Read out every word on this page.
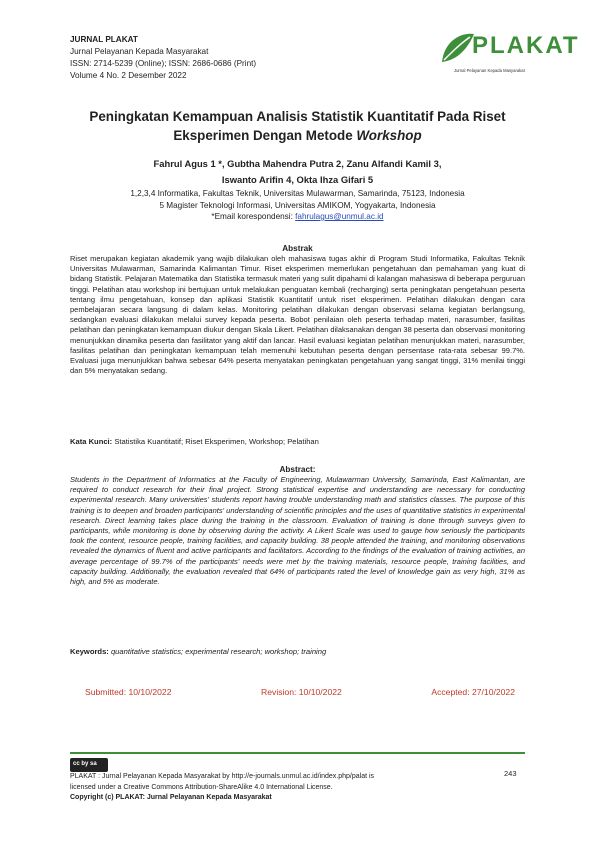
JURNAL PLAKAT
Jurnal Pelayanan Kepada Masyarakat
ISSN: 2714-5239 (Online); ISSN: 2686-0686 (Print)
Volume 4 No. 2 Desember 2022
PLAKAT
Jurnal Pelayanan Kepada Masyarakat
Peningkatan Kemampuan Analisis Statistik Kuantitatif Pada Riset
Eksperimen Dengan Metode Workshop
Fahrul Agus 1 *, Gubtha Mahendra Putra 2, Zanu Alfandi Kamil 3,
Iswanto Arifin 4, Okta Ihza Gifari 5
1,2,3,4 Informatika, Fakultas Teknik, Universitas Mulawarman, Samarinda, 75123, Indonesia
5 Magister Teknologi Informasi, Universitas AMIKOM, Yogyakarta, Indonesia
*Email korespondensi: fahrulagus@unmul.ac.id
Abstrak
Riset merupakan kegiatan akademik yang wajib dilakukan oleh mahasiswa tugas akhir di Program Studi Informatika, Fakultas Teknik Universitas Mulawarman, Samarinda Kalimantan Timur. Riset eksperimen memerlukan pengetahuan dan pemahaman yang kuat di bidang Statistik. Pelajaran Matematika dan Statistika termasuk materi yang sulit dipahami di kalangan mahasiswa di beberapa perguruan tinggi. Pelatihan atau workshop ini bertujuan untuk melakukan penguatan kembali (recharging) serta peningkatan pengetahuan peserta tentang ilmu pengetahuan, konsep dan aplikasi Statistik Kuantitatif untuk riset eksperimen. Pelatihan dilakukan dengan cara pembelajaran secara langsung di dalam kelas. Monitoring pelatihan dilakukan dengan observasi selama kegiatan berlangsung, sedangkan evaluasi dilakukan melalui survey kepada peserta. Bobot penilaian oleh peserta terhadap materi, narasumber, fasilitas pelatihan dan peningkatan kemampuan diukur dengan Skala Likert. Pelatihan dilaksanakan dengan 38 peserta dan observasi monitoring menunjukkan dinamika peserta dan fasilitator yang aktif dan lancar. Hasil evaluasi kegiatan pelatihan menunjukkan materi, narasumber, fasilitas pelatihan dan peningkatan kemampuan telah memenuhi kebutuhan peserta dengan persentase rata-rata sebesar 99.7%. Evaluasi juga menunjukkan bahwa sebesar 64% peserta menyatakan peningkatan pengetahuan yang sangat tinggi, 31% menilai tinggi dan 5% menyatakan sedang.
Kata Kunci: Statistika Kuantitatif; Riset Eksperimen, Workshop; Pelatihan
Abstract:
Students in the Department of Informatics at the Faculty of Engineering, Mulawarman University, Samarinda, East Kalimantan, are required to conduct research for their final project. Strong statistical expertise and understanding are necessary for conducting experimental research. Many universities' students report having trouble understanding math and statistics classes. The purpose of this training is to deepen and broaden participants' understanding of scientific principles and the uses of quantitative statistics in experimental research. Direct learning takes place during the training in the classroom. Evaluation of training is done through surveys given to participants, while monitoring is done by observing during the activity. A Likert Scale was used to gauge how seriously the participants took the content, resource people, training facilities, and capacity building. 38 people attended the training, and monitoring observations revealed the dynamics of fluent and active participants and facilitators. According to the findings of the evaluation of training activities, an average percentage of 99.7% of the participants' needs were met by the training materials, resource people, training facilities, and capacity building. Additionally, the evaluation revealed that 64% of participants rated the level of knowledge gain as very high, 31% as high, and 5% as moderate.
Keywords: quantitative statistics; experimental research; workshop; training
Submitted: 10/10/2022	Revision: 10/10/2022	Accepted: 27/10/2022
cc by sa
243
PLAKAT : Jurnal Pelayanan Kepada Masyarakat by http://e-journals.unmul.ac.id/index.php/palat is
licensed under a Creative Commons Attribution-ShareAlike 4.0 International License.
Copyright (c) PLAKAT: Jurnal Pelayanan Kepada Masyarakat
